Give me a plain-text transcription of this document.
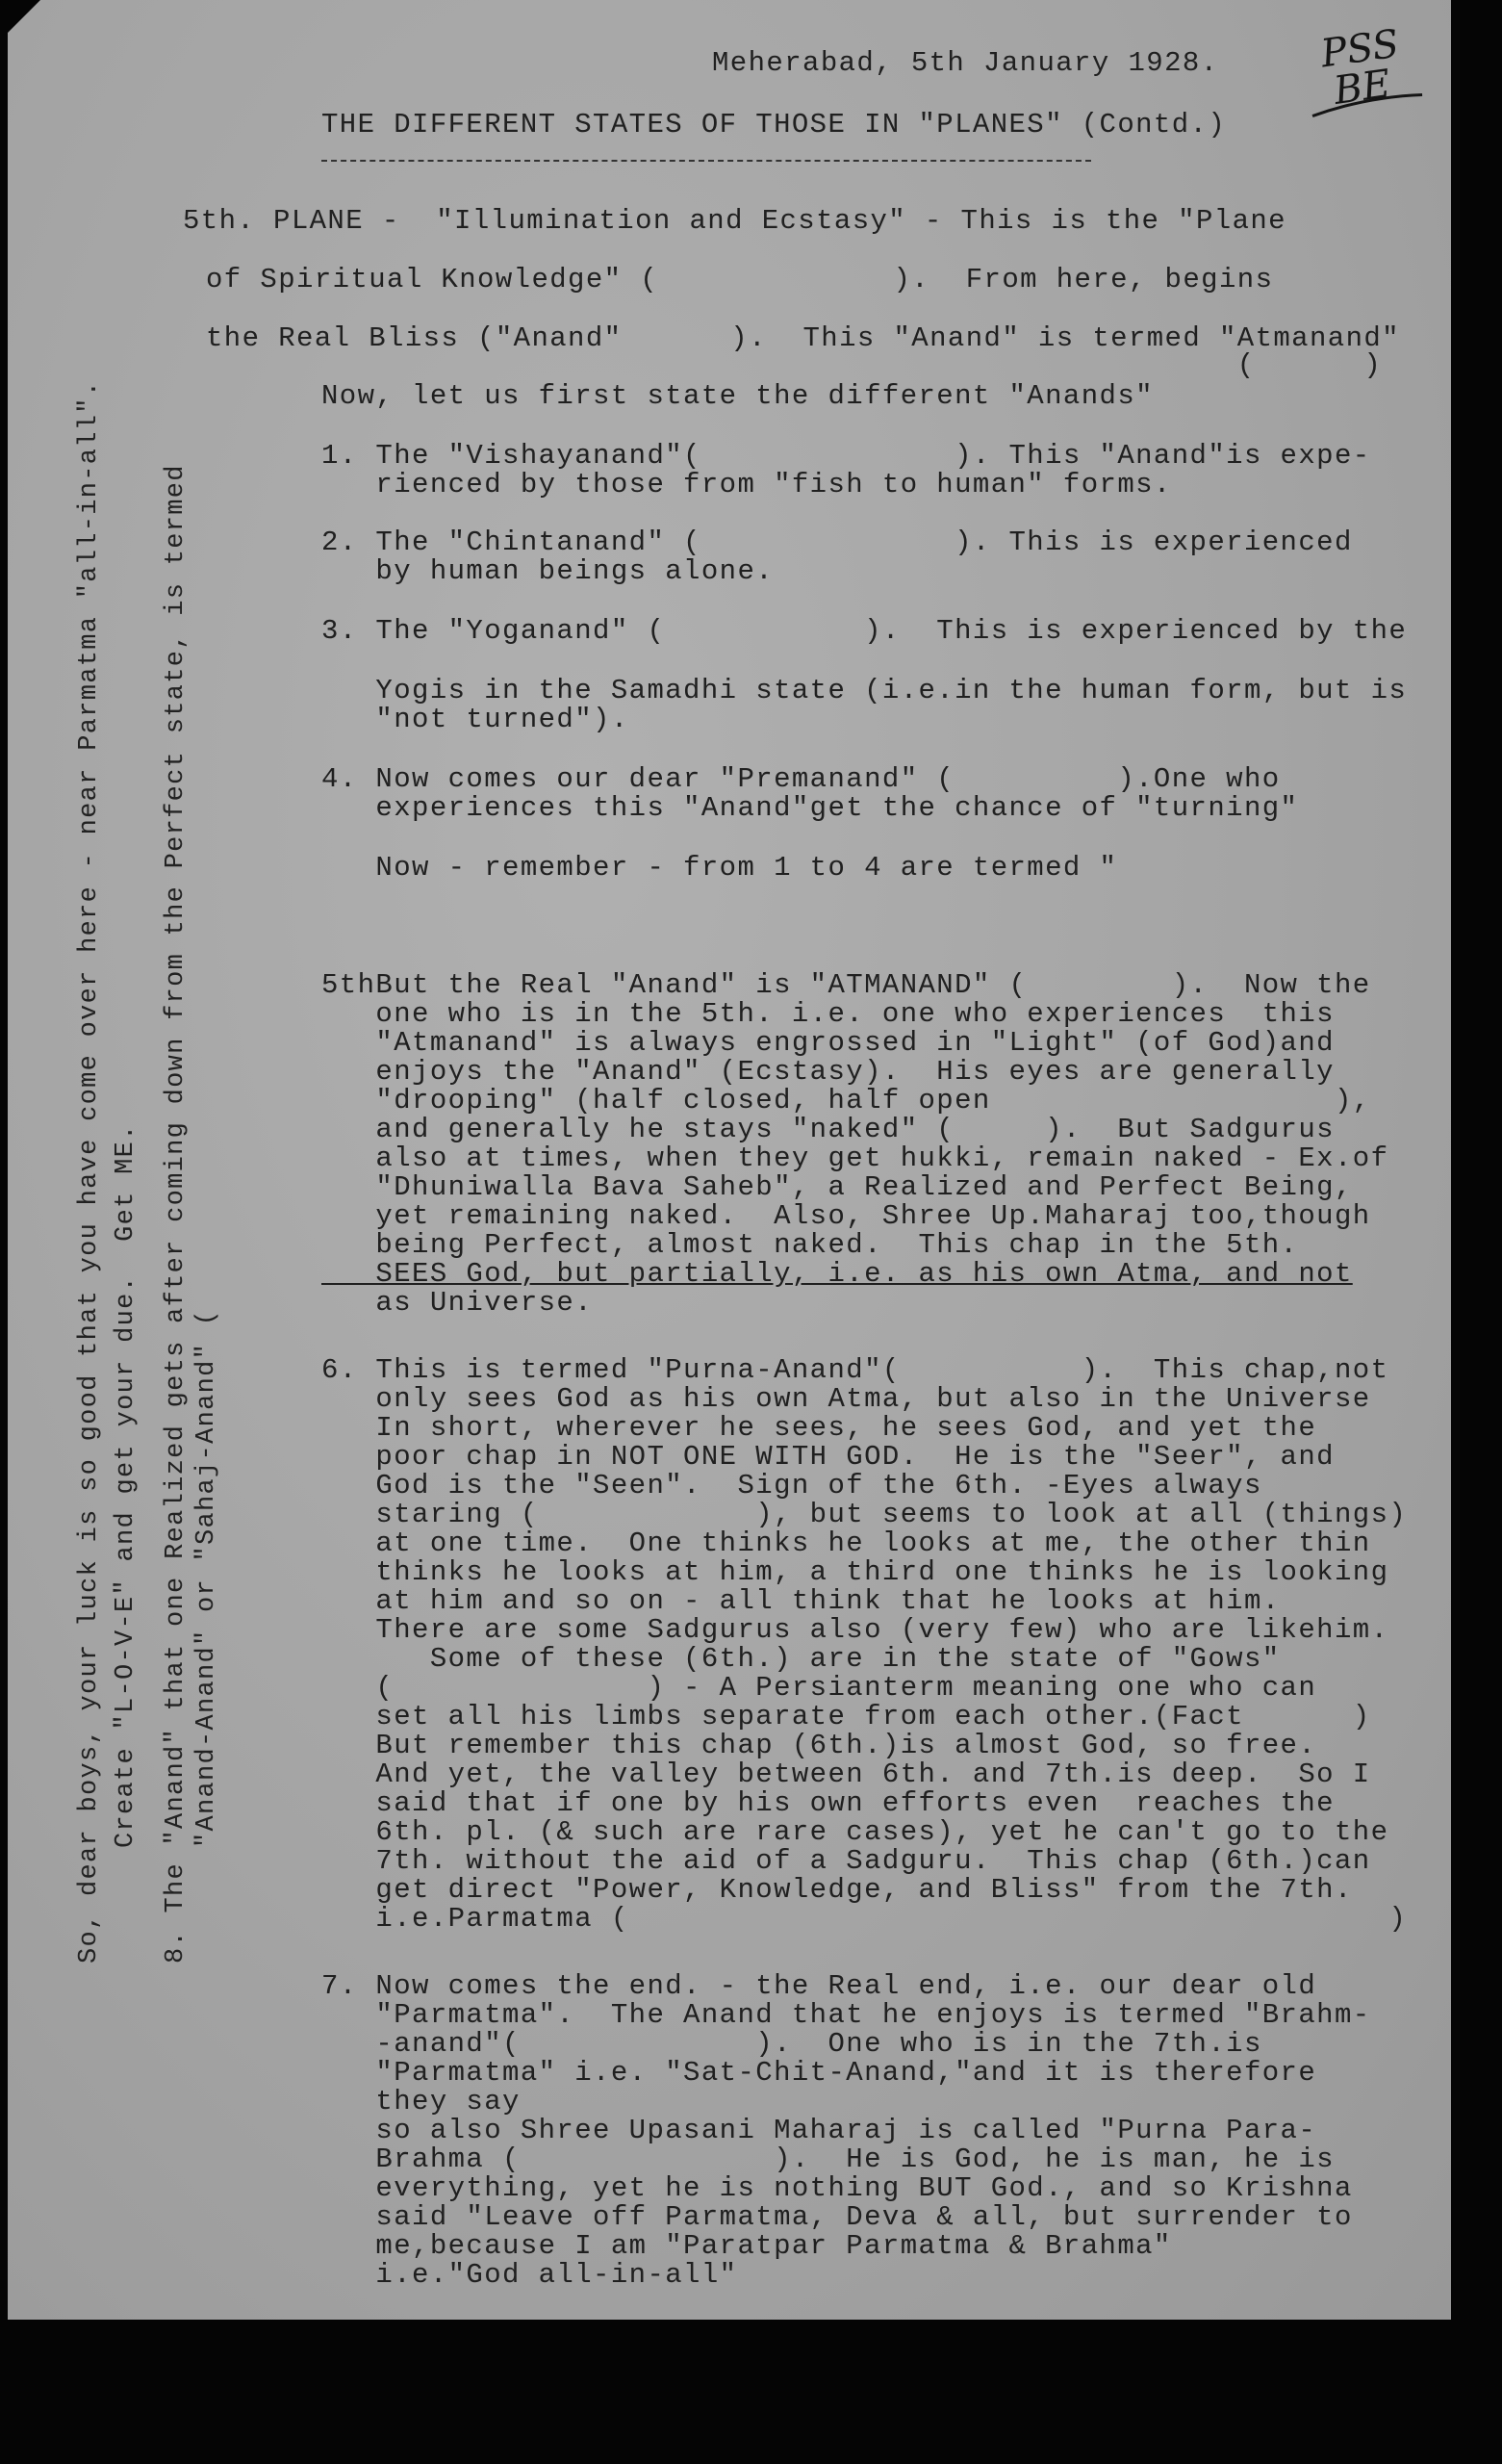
Meherabad, 5th January 1928.
THE DIFFERENT STATES OF THOSE IN "PLANES" (Contd.)
PSS
BE
5th. PLANE -  "Illumination and Ecstasy" - This is the "Plane
of Spiritual Knowledge" (             ).  From here, begins
the Real Bliss ("Anand"      ).  This "Anand" is termed "Atmanand"
(      )
Now, let us first state the different "Anands"
1. The "Vishayanand"(              ). This "Anand"is expe-
rienced by those from "fish to human" forms.
2. The "Chintanand" (              ). This is experienced
by human beings alone.
3. The "Yoganand" (           ).  This is experienced by the
Yogis in the Samadhi state (i.e.in the human form, but is
"not turned").
4. Now comes our dear "Premanand" (         ).One who
experiences this "Anand"get the chance of "turning"
Now - remember - from 1 to 4 are termed "
5thBut the Real "Anand" is "ATMANAND" (        ).  Now the
one who is in the 5th. i.e. one who experiences  this
"Atmanand" is always engrossed in "Light" (of God)and
enjoys the "Anand" (Ecstasy).  His eyes are generally
"drooping" (half closed, half open                   ),
and generally he stays "naked" (     ).  But Sadgurus
also at times, when they get hukki, remain naked - Ex.of
"Dhuniwalla Bava Saheb", a Realized and Perfect Being,
yet remaining naked.  Also, Shree Up.Maharaj too,though
being Perfect, almost naked.  This chap in the 5th.
SEES God, but partially, i.e. as his own Atma, and not
as Universe.
6. This is termed "Purna-Anand"(          ).  This chap,not
only sees God as his own Atma, but also in the Universe
In short, wherever he sees, he sees God, and yet the
poor chap in NOT ONE WITH GOD.  He is the "Seer", and
God is the "Seen".  Sign of the 6th. -Eyes always
staring (            ), but seems to look at all (things)
at one time.  One thinks he looks at me, the other thin
thinks he looks at him, a third one thinks he is looking
at him and so on - all think that he looks at him.
There are some Sadgurus also (very few) who are likehim.
Some of these (6th.) are in the state of "Gows"
(              ) - A Persianterm meaning one who can
set all his limbs separate from each other.(Fact      )
But remember this chap (6th.)is almost God, so free.
And yet, the valley between 6th. and 7th.is deep.  So I
said that if one by his own efforts even  reaches the
6th. pl. (& such are rare cases), yet he can't go to the
7th. without the aid of a Sadguru.  This chap (6th.)can
get direct "Power, Knowledge, and Bliss" from the 7th.
i.e.Parmatma (                                          )
7. Now comes the end. - the Real end, i.e. our dear old
"Parmatma".  The Anand that he enjoys is termed "Brahm-
-anand"(             ).  One who is in the 7th.is
"Parmatma" i.e. "Sat-Chit-Anand,"and it is therefore
they say
so also Shree Upasani Maharaj is called "Purna Para-
Brahma (              ).  He is God, he is man, he is
everything, yet he is nothing BUT God., and so Krishna
said "Leave off Parmatma, Deva & all, but surrender to
me,because I am "Paratpar Parmatma & Brahma"
i.e."God all-in-all"
So, dear boys, your luck is so good that you have come over here - near Parmatma "all-in-all". Create "L-O-V-E" and get your due.  Get ME. 8. The "Anand" that one Realized gets after coming down from the Perfect state, is termed "Anand-Anand" or "Sahaj-Anand" (
